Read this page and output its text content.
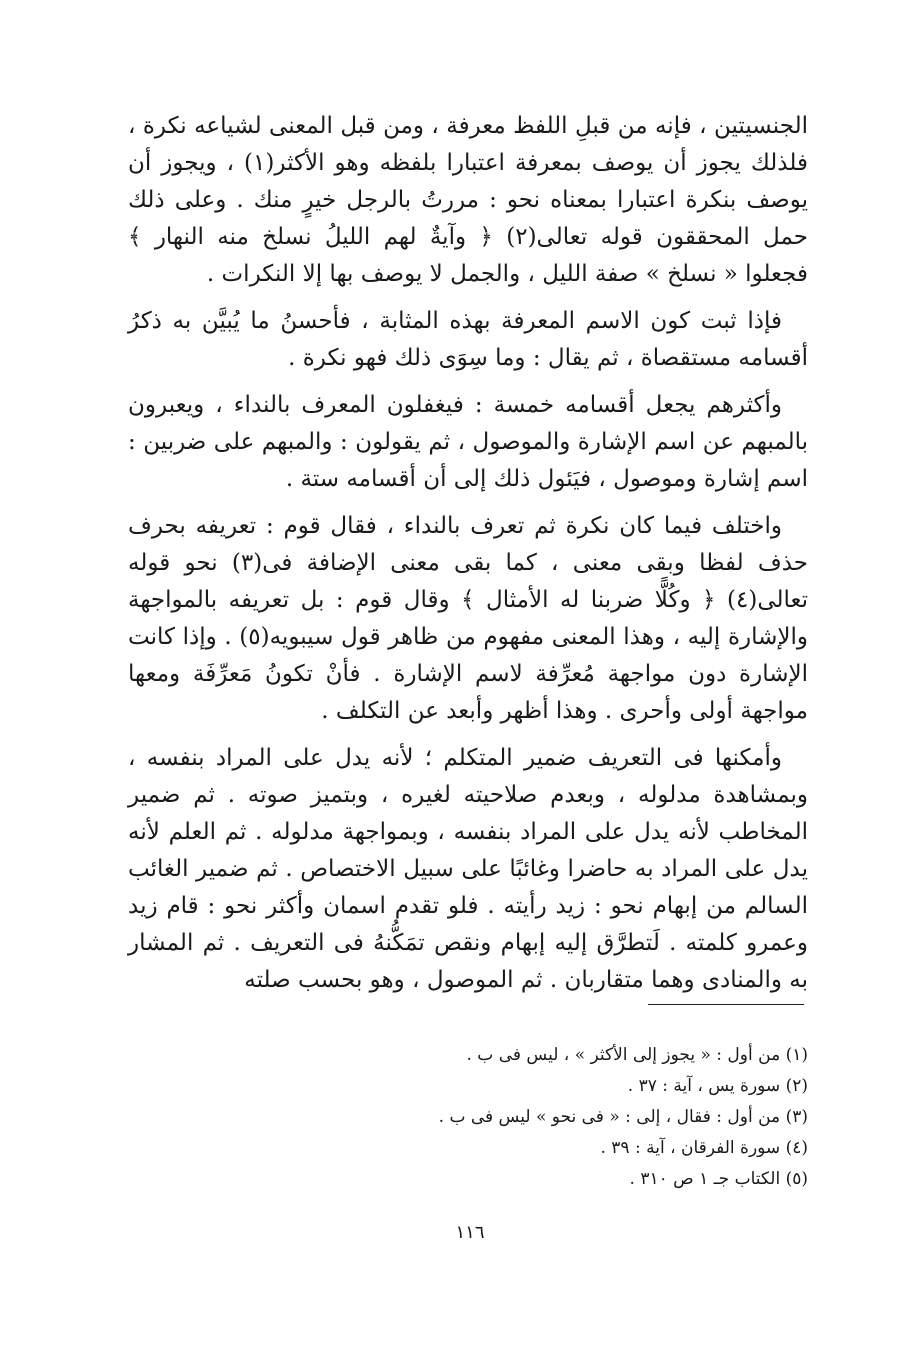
الجنسيتين ، فإنه من قبلِ اللفظ معرفة ، ومن قبل المعنى لشياعه نكرة ، فلذلك يجوز أن يوصف بمعرفة اعتبارا بلفظه وهو الأكثر(١) ، ويجوز أن يوصف بنكرة اعتبارا بمعناه نحو : مررتُ بالرجل خيرٍ منك . وعلى ذلك حمل المحققون قوله تعالى(٢) ﴿ وآيةٌ لهم الليلُ نسلخ منه النهار ﴾ فجعلوا « نسلخ » صفة الليل ، والجمل لا يوصف بها إلا النكرات .

فإذا ثبت كون الاسم المعرفة بهذه المثابة ، فأحسنُ ما يُبيَّن به ذكرُ أقسامه مستقصاة ، ثم يقال : وما سِوَى ذلك فهو نكرة .

وأكثرهم يجعل أقسامه خمسة : فيغفلون المعرف بالنداء ، ويعبرون بالمبهم عن اسم الإشارة والموصول ، ثم يقولون : والمبهم على ضربين : اسم إشارة وموصول ، فيَئول ذلك إلى أن أقسامه ستة .

واختلف فيما كان نكرة ثم تعرف بالنداء ، فقال قوم : تعريفه بحرف حذف لفظا وبقى معنى ، كما بقى معنى الإضافة فى(٣) نحو قوله تعالى(٤) ﴿ وكُلًّا ضربنا له الأمثال ﴾ وقال قوم : بل تعريفه بالمواجهة والإشارة إليه ، وهذا المعنى مفهوم من ظاهر قول سيبويه(٥) . وإذا كانت الإشارة دون مواجهة مُعرِّفة لاسم الإشارة . فأنْ تكونُ مَعرِّفَة ومعها مواجهة أولى وأحرى . وهذا أظهر وأبعد عن التكلف .

وأمكنها فى التعريف ضمير المتكلم ؛ لأنه يدل على المراد بنفسه ، وبمشاهدة مدلوله ، وبعدم صلاحيته لغيره ، وبتميز صوته . ثم ضمير المخاطب لأنه يدل على المراد بنفسه ، وبمواجهة مدلوله . ثم العلم لأنه يدل على المراد به حاضرا وغائبًا على سبيل الاختصاص . ثم ضمير الغائب السالم من إبهام نحو : زيد رأيته . فلو تقدم اسمان وأكثر نحو : قام زيد وعمرو كلمته . لَتطرَّق إليه إبهام ونقص تمَكُّنهُ فى التعريف . ثم المشار به والمنادى وهما متقاربان . ثم الموصول ، وهو بحسب صلته

(١) من أول : « يجوز إلى الأكثر » ، ليس فى ب .

(٢) سورة يس ، آية : ٣٧ .

(٣) من أول : فقال ، إلى : « فى نحو » ليس فى ب .

(٤) سورة الفرقان ، آية : ٣٩ .

(٥) الكتاب جـ ١ ص ٣١٠ .

١١٦
